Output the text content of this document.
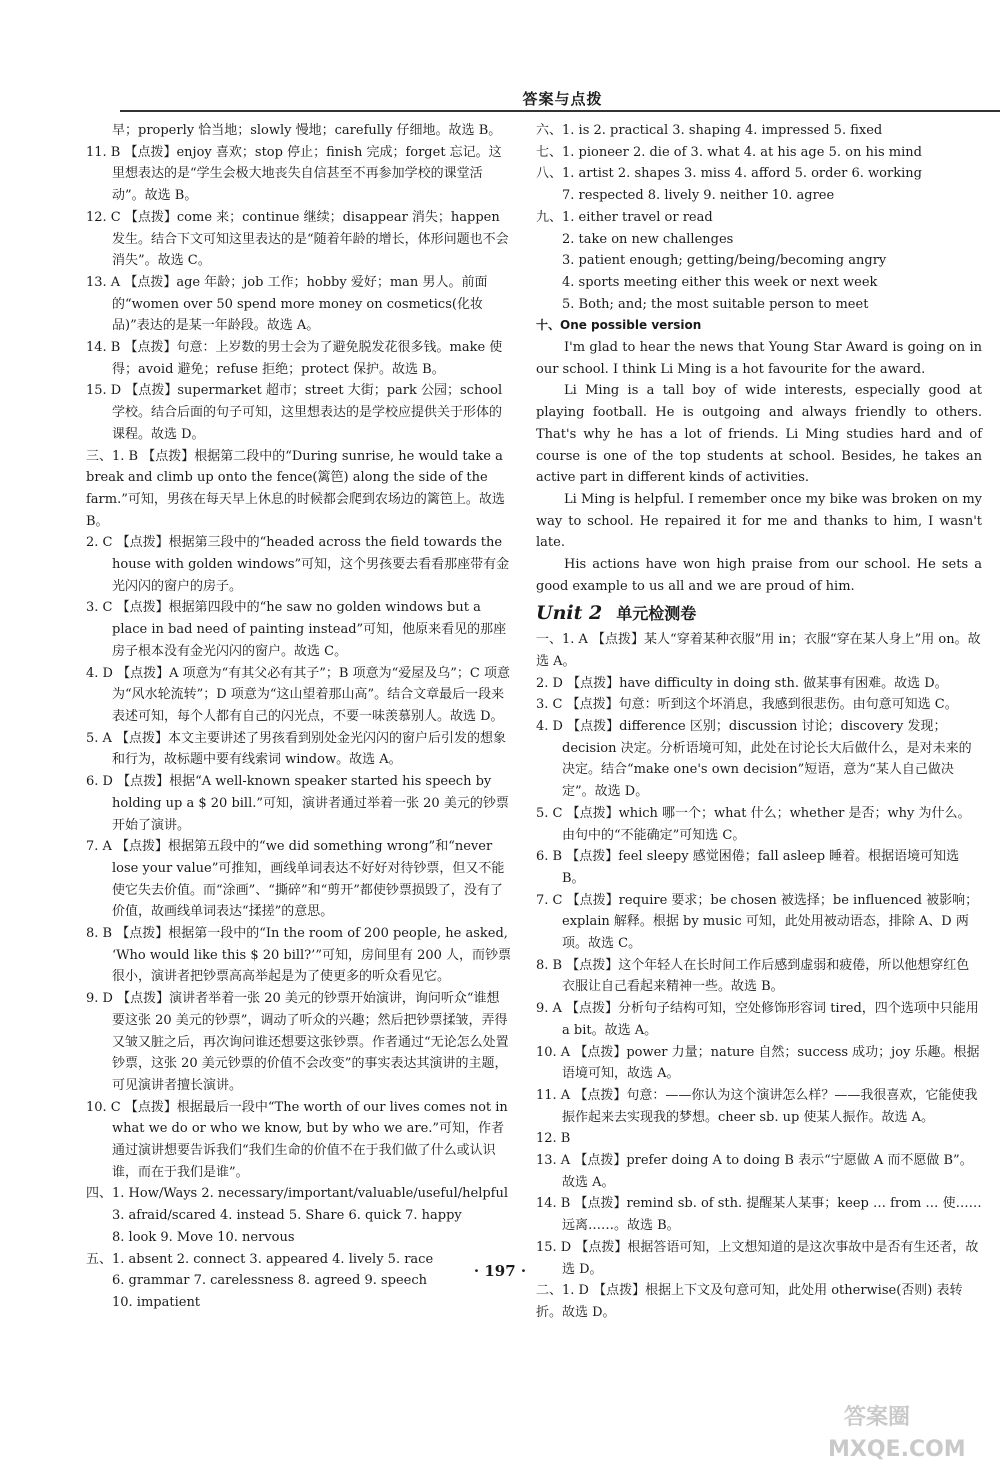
答案与点拨

早；properly 恰当地；slowly 慢地；carefully 仔细地。故选 B。

11. B 【点拨】enjoy 喜欢；stop 停止；finish 完成；forget 忘记。这里想表达的是“学生会极大地丧失自信甚至不再参加学校的课堂活动”。故选 B。

12. C 【点拨】come 来；continue 继续；disappear 消失；happen 发生。结合下文可知这里表达的是“随着年龄的增长，体形问题也不会消失”。故选 C。

13. A 【点拨】age 年龄；job 工作；hobby 爱好；man 男人。前面的“women over 50 spend more money on cosmetics(化妆品)”表达的是某一年龄段。故选 A。

14. B 【点拨】句意：上岁数的男士会为了避免脱发花很多钱。make 使得；avoid 避免；refuse 拒绝；protect 保护。故选 B。

15. D 【点拨】supermarket 超市；street 大街；park 公园；school 学校。结合后面的句子可知，这里想表达的是学校应提供关于形体的课程。故选 D。

三、1. B 【点拨】根据第二段中的“During sunrise, he would take a break and climb up onto the fence(篱笆) along the side of the farm.”可知，男孩在每天早上休息的时候都会爬到农场边的篱笆上。故选 B。

2. C 【点拨】根据第三段中的“headed across the field towards the house with golden windows”可知，这个男孩要去看看那座带有金光闪闪的窗户的房子。

3. C 【点拨】根据第四段中的“he saw no golden windows but a place in bad need of painting instead”可知，他原来看见的那座房子根本没有金光闪闪的窗户。故选 C。

4. D 【点拨】A 项意为“有其父必有其子”；B 项意为“爱屋及乌”；C 项意为“风水轮流转”；D 项意为“这山望着那山高”。结合文章最后一段来表述可知，每个人都有自己的闪光点，不要一味羡慕别人。故选 D。

5. A 【点拨】本文主要讲述了男孩看到别处金光闪闪的窗户后引发的想象和行为，故标题中要有线索词 window。故选 A。

6. D 【点拨】根据“A well-known speaker started his speech by holding up a $ 20 bill.”可知，演讲者通过举着一张 20 美元的钞票开始了演讲。

7. A 【点拨】根据第五段中的“we did something wrong”和“never lose your value”可推知，画线单词表达不好好对待钞票，但又不能使它失去价值。而“涂画”、“撕碎”和“剪开”都使钞票损毁了，没有了价值，故画线单词表达“揉搓”的意思。

8. B 【点拨】根据第一段中的“In the room of 200 people, he asked, ‘Who would like this $ 20 bill?’”可知，房间里有 200 人，而钞票很小，演讲者把钞票高高举起是为了使更多的听众看见它。

9. D 【点拨】演讲者举着一张 20 美元的钞票开始演讲，询问听众“谁想要这张 20 美元的钞票”，调动了听众的兴趣；然后把钞票揉皱，弄得又皱又脏之后，再次询问谁还想要这张钞票。作者通过“无论怎么处置钞票，这张 20 美元钞票的价值不会改变”的事实表达其演讲的主题，可见演讲者擅长演讲。

10. C 【点拨】根据最后一段中“The worth of our lives comes not in what we do or who we know, but by who we are.”可知，作者通过演讲想要告诉我们“我们生命的价值不在于我们做了什么或认识谁，而在于我们是谁”。

四、1. How/Ways 2. necessary/important/valuable/useful/helpful

3. afraid/scared 4. instead 5. Share 6. quick 7. happy

8. look 9. Move 10. nervous

五、1. absent 2. connect 3. appeared 4. lively 5. race

6. grammar 7. carelessness 8. agreed 9. speech

10. impatient

六、1. is 2. practical 3. shaping 4. impressed 5. fixed

七、1. pioneer 2. die of 3. what 4. at his age 5. on his mind

八、1. artist 2. shapes 3. miss 4. afford 5. order 6. working

7. respected 8. lively 9. neither 10. agree

九、1. either travel or read

2. take on new challenges

3. patient enough; getting/being/becoming angry

4. sports meeting either this week or next week

5. Both; and; the most suitable person to meet

十、One possible version

I'm glad to hear the news that Young Star Award is going on in our school. I think Li Ming is a hot favourite for the award.

Li Ming is a tall boy of wide interests, especially good at playing football. He is outgoing and always friendly to others. That's why he has a lot of friends. Li Ming studies hard and of course is one of the top students at school. Besides, he takes an active part in different kinds of activities.

Li Ming is helpful. I remember once my bike was broken on my way to school. He repaired it for me and thanks to him, I wasn't late.

His actions have won high praise from our school. He sets a good example to us all and we are proud of him.

Unit 2 单元检测卷

一、1. A 【点拨】某人“穿着某种衣服”用 in；衣服“穿在某人身上”用 on。故选 A。

2. D 【点拨】have difficulty in doing sth. 做某事有困难。故选 D。

3. C 【点拨】句意：听到这个坏消息，我感到很悲伤。由句意可知选 C。

4. D 【点拨】difference 区别；discussion 讨论；discovery 发现；decision 决定。分析语境可知，此处在讨论长大后做什么，是对未来的决定。结合“make one's own decision”短语，意为“某人自己做决定”。故选 D。

5. C 【点拨】which 哪一个；what 什么；whether 是否；why 为什么。由句中的“不能确定”可知选 C。

6. B 【点拨】feel sleepy 感觉困倦；fall asleep 睡着。根据语境可知选 B。

7. C 【点拨】require 要求；be chosen 被选择；be influenced 被影响；explain 解释。根据 by music 可知，此处用被动语态，排除 A、D 两项。故选 C。

8. B 【点拨】这个年轻人在长时间工作后感到虚弱和疲倦，所以他想穿红色衣服让自己看起来精神一些。故选 B。

9. A 【点拨】分析句子结构可知，空处修饰形容词 tired，四个选项中只能用 a bit。故选 A。

10. A 【点拨】power 力量；nature 自然；success 成功；joy 乐趣。根据语境可知，故选 A。

11. A 【点拨】句意：——你认为这个演讲怎么样？——我很喜欢，它能使我振作起来去实现我的梦想。cheer sb. up 使某人振作。故选 A。

12. B

13. A 【点拨】prefer doing A to doing B 表示“宁愿做 A 而不愿做 B”。故选 A。

14. B 【点拨】remind sb. of sth. 提醒某人某事；keep … from … 使……远离……。故选 B。

15. D 【点拨】根据答语可知，上文想知道的是这次事故中是否有生还者，故选 D。

二、1. D 【点拨】根据上下文及句意可知，此处用 otherwise(否则) 表转折。故选 D。

· 197 ·
答案圈
MXQE.COM
